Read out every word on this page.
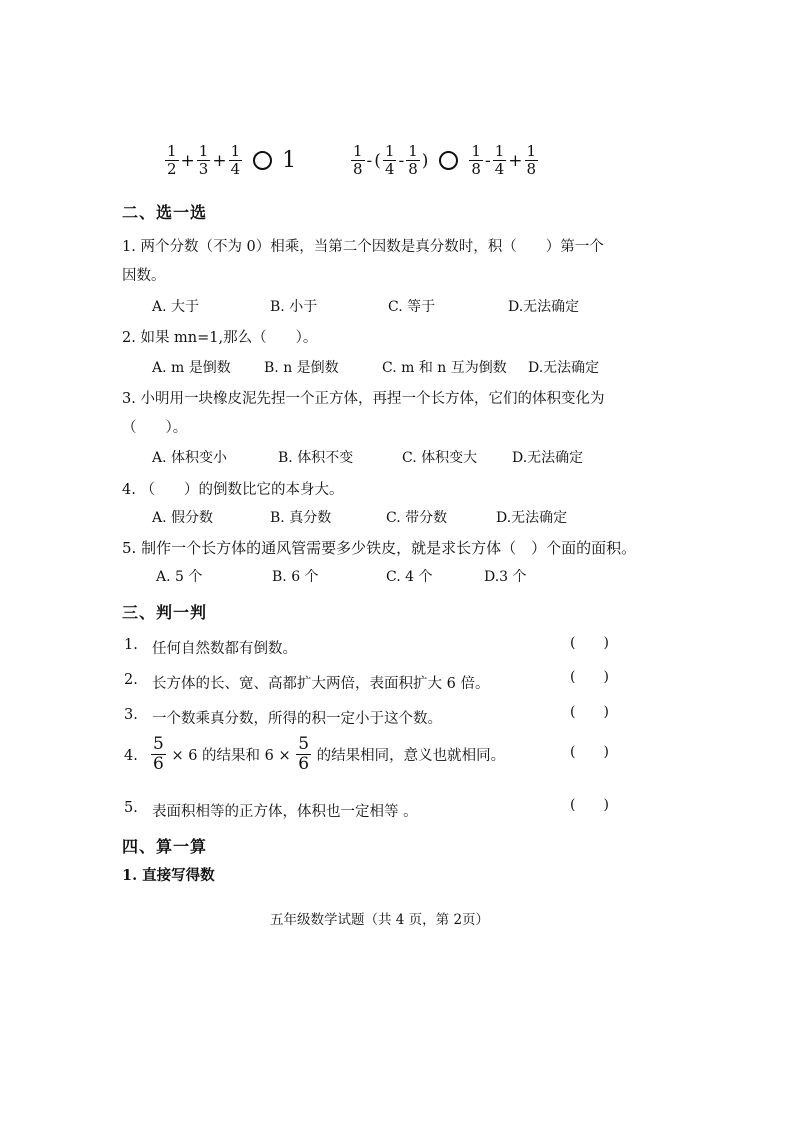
$\frac{1}{2} + \frac{1}{3} + \frac{1}{4} 1$	$\frac{1}{8}$ - ( $\frac{1}{4} - \frac{1}{8}$ )	$\frac{1}{8} - \frac{1}{4} + \frac{1}{8}$
二、选一选
1. 两个分数（不为 0）相乘，当第二个因数是真分数时，积（　　）第一个
因数。
A. 大于	B. 小于	C. 等于	D.无法确定
2. 如果 mn=1,那么（　　）。
A. m 是倒数 B. n 是倒数	C. m 和 n 互为倒数 D.无法确定
3. 小明用一块橡皮泥先捏一个正方体，再捏一个长方体，它们的体积变化为
（　　）。
A. 体积变小	B. 体积不变	C. 体积变大 D.无法确定
4. （　　）的倒数比它的本身大。
A. 假分数	B. 真分数	C. 带分数	D.无法确定
5. 制作一个长方体的通风管需要多少铁皮，就是求长方体（　）个面的面积。
A. 5 个	B. 6 个	C. 4 个	D.3 个
三、判一判
1. 任何自然数都有倒数。	()
2. 长方体的长、宽、高都扩大两倍，表面积扩大 6 倍。	()
3. 一个数乘真分数，所得的积一定小于这个数。	()
4. $\frac{5}{6} \times 6$ 的结果和 $6 \times \frac{5}{6}$ 的结果相同，意义也就相同。	()
5. 表面积相等的正方体，体积也一定相等 。	()
四、算一算
1. 直接写得数
五年级数学试题（共 4 页，第 2页）
